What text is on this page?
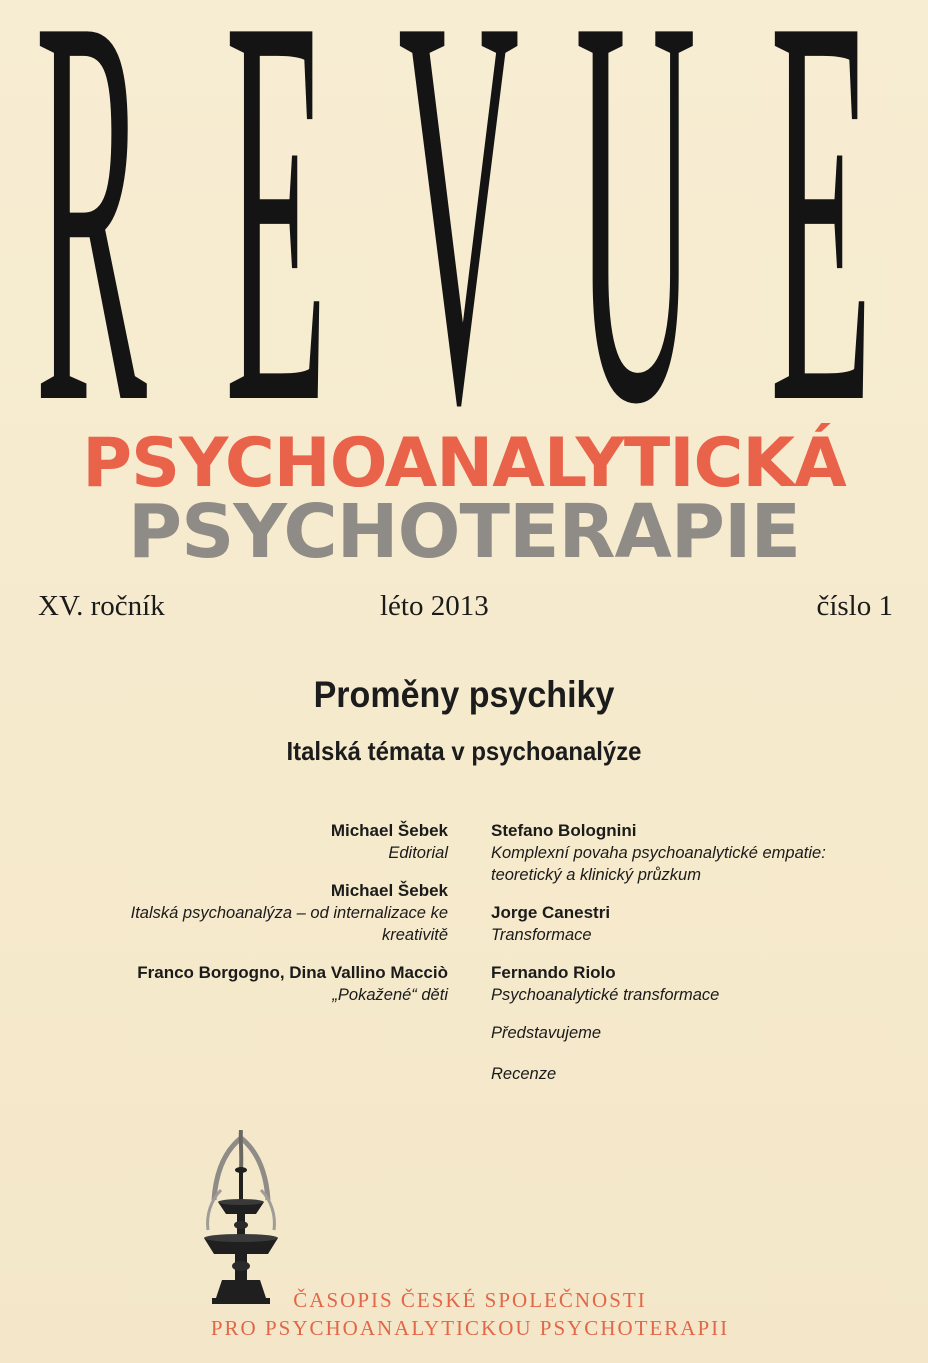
R E V U E
PSYCHOANALYTICKÁ
PSYCHOTERAPIE
XV. ročník	léto 2013	číslo 1
Proměny psychiky
Italská témata v psychoanalýze
Michael Šebek
Editorial
Michael Šebek
Italská psychoanalýza – od internalizace ke
kreativitě
Franco Borgogno, Dina Vallino Macciò
„Pokažené“ děti
Stefano Bolognini
Komplexní povaha psychoanalytické empatie:
teoretický a klinický průzkum
Jorge Canestri
Transformace
Fernando Riolo
Psychoanalytické transformace
Představujeme
Recenze
ČASOPIS ČESKÉ SPOLEČNOSTI
PRO PSYCHOANALYTICKOU PSYCHOTERAPII
